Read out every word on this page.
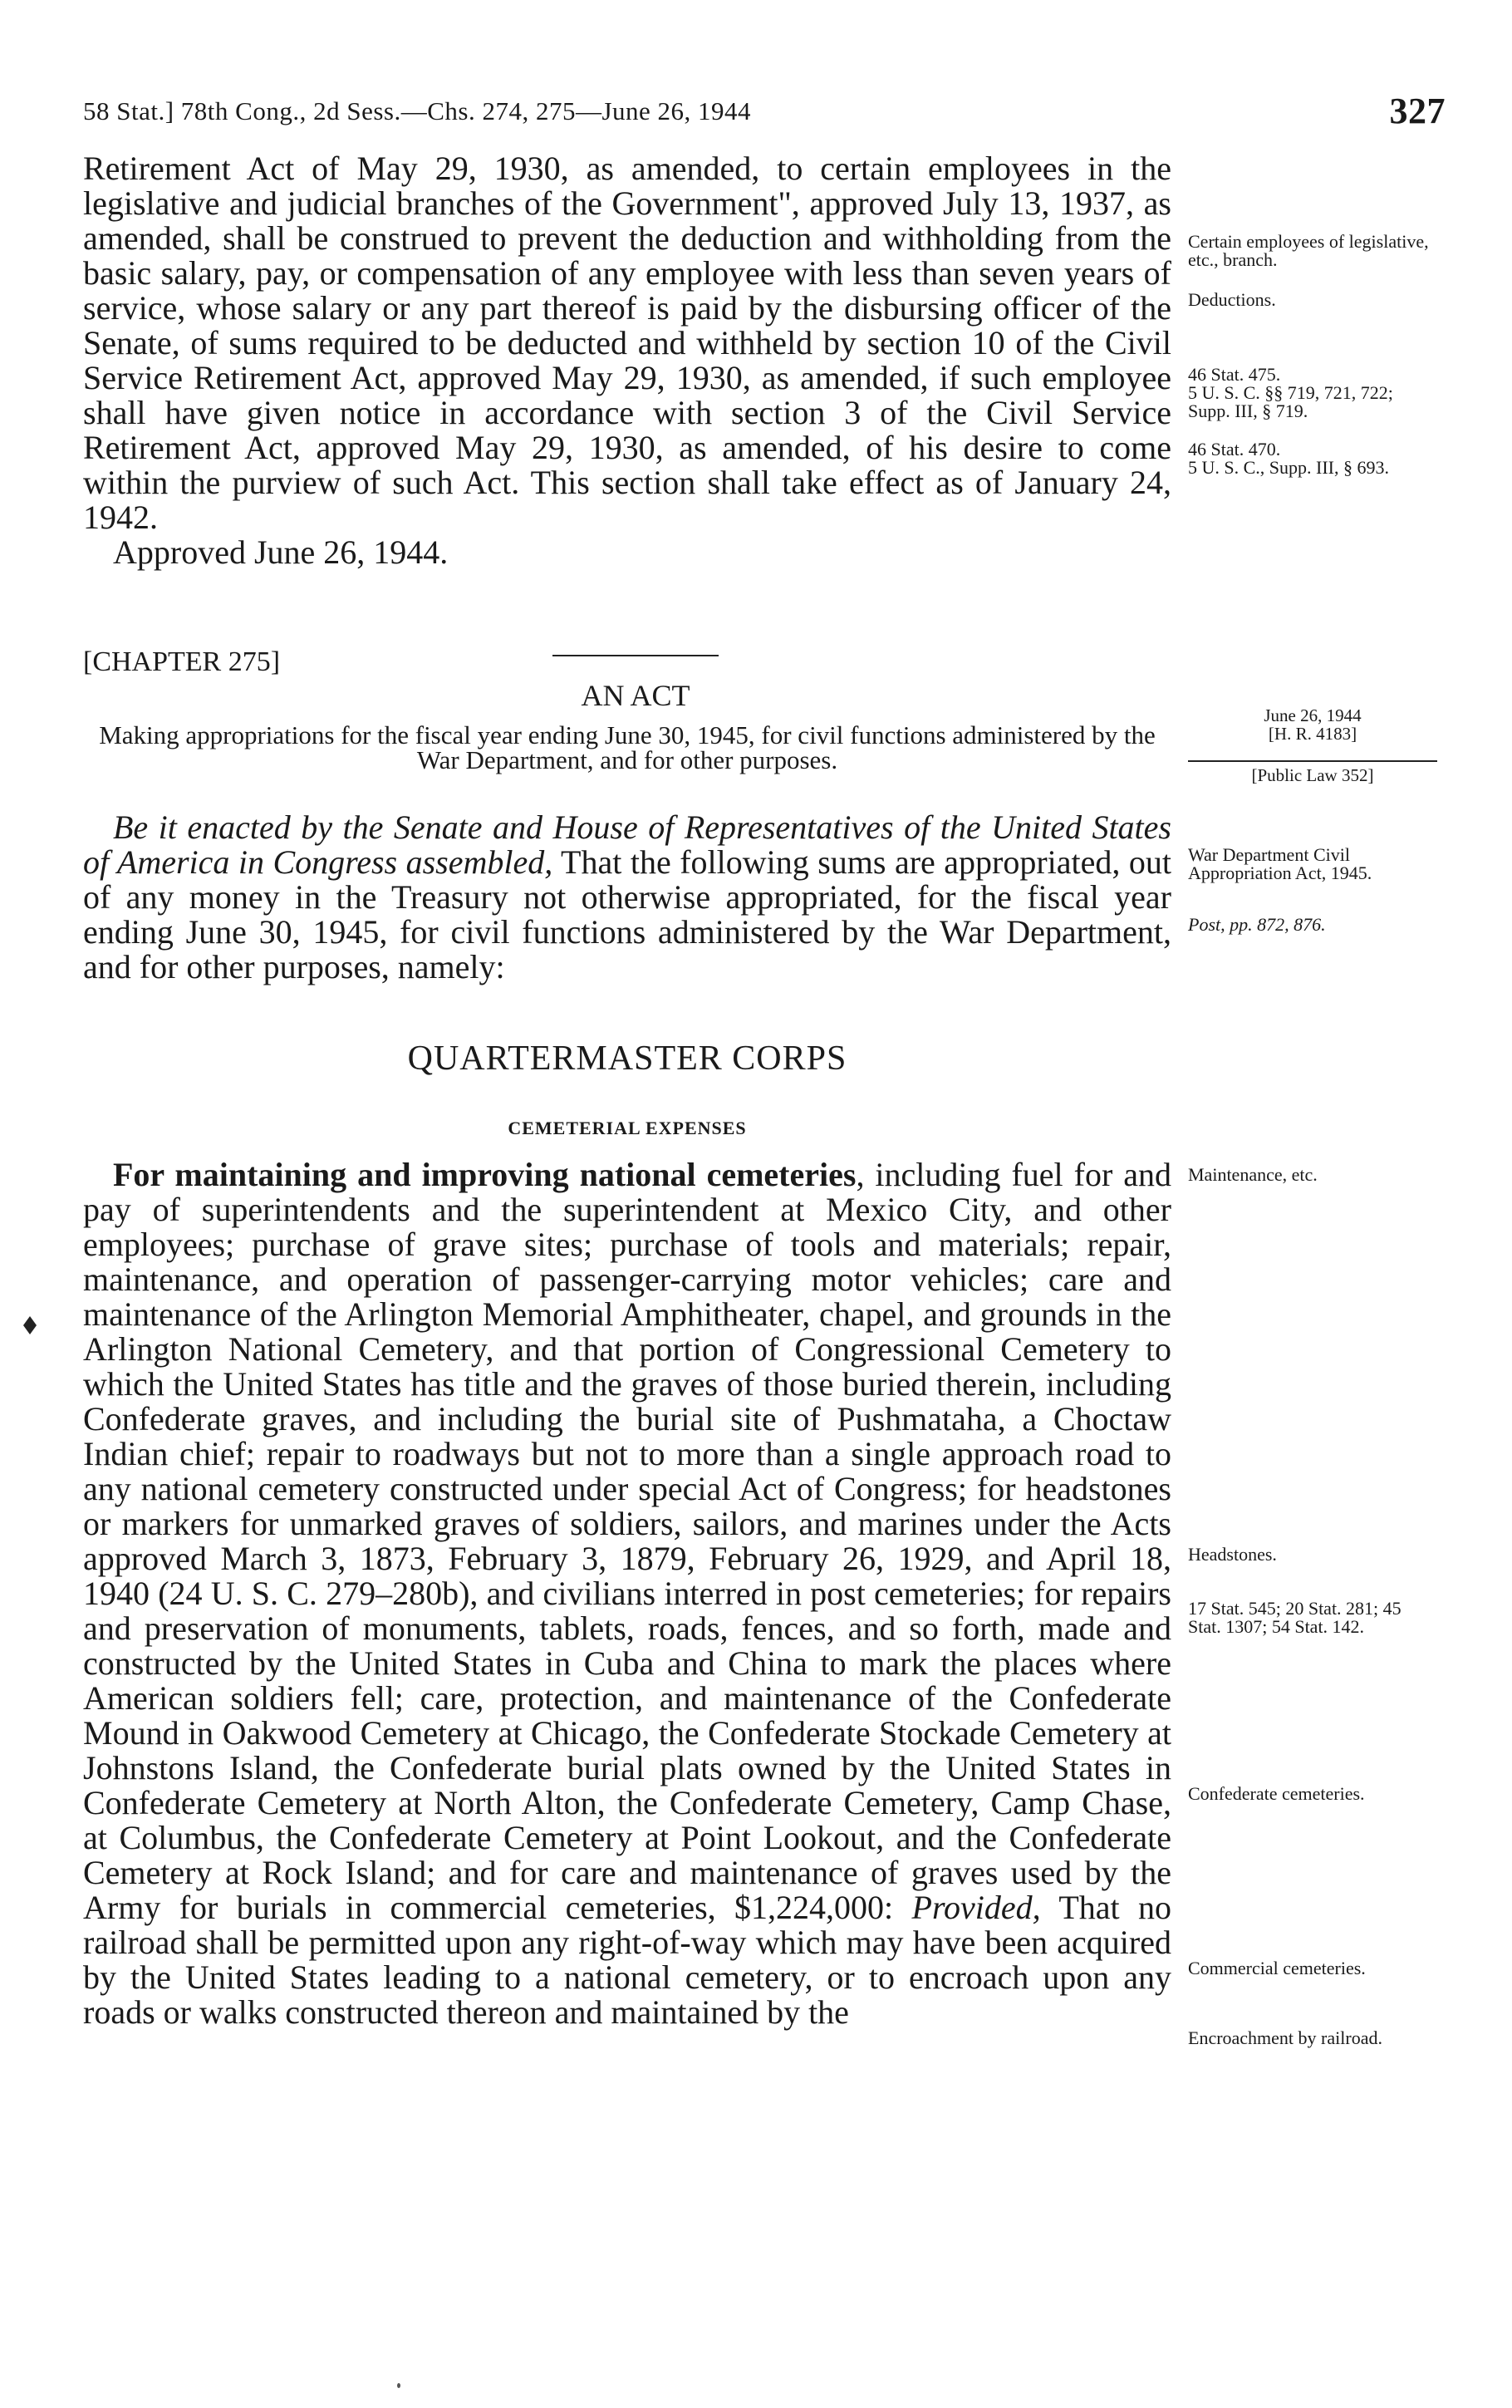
58 Stat.] 78th Cong., 2d Sess.—Chs. 274, 275—June 26, 1944	327

Retirement Act of May 29, 1930, as amended, to certain employees in the legislative and judicial branches of the Government", approved July 13, 1937, as amended, shall be construed to prevent the deduction and withholding from the basic salary, pay, or compensation of any employee with less than seven years of service, whose salary or any part thereof is paid by the disbursing officer of the Senate, of sums required to be deducted and withheld by section 10 of the Civil Service Retirement Act, approved May 29, 1930, as amended, if such employee shall have given notice in accordance with section 3 of the Civil Service Retirement Act, approved May 29, 1930, as amended, of his desire to come within the purview of such Act. This section shall take effect as of January 24, 1942.

Approved June 26, 1944.

Certain employees of legislative, etc., branch.
Deductions.
46 Stat. 475.
5 U. S. C. §§ 719, 721, 722; Supp. III, § 719.
46 Stat. 470.
5 U. S. C., Supp. III, § 693.
[CHAPTER 275]
AN ACT
Making appropriations for the fiscal year ending June 30, 1945, for civil functions administered by the War Department, and for other purposes.
June 26, 1944
[H. R. 4183]
[Public Law 352]

Be it enacted by the Senate and House of Representatives of the United States of America in Congress assembled, That the following sums are appropriated, out of any money in the Treasury not otherwise appropriated, for the fiscal year ending June 30, 1945, for civil functions administered by the War Department, and for other purposes, namely:

War Department Civil Appropriation Act, 1945.
Post, pp. 872, 876.
QUARTERMASTER CORPS
CEMETERIAL EXPENSES

For maintaining and improving national cemeteries, including fuel for and pay of superintendents and the superintendent at Mexico City, and other employees; purchase of grave sites; purchase of tools and materials; repair, maintenance, and operation of passenger-carrying motor vehicles; care and maintenance of the Arlington Memorial Amphitheater, chapel, and grounds in the Arlington National Cemetery, and that portion of Congressional Cemetery to which the United States has title and the graves of those buried therein, including Confederate graves, and including the burial site of Pushmataha, a Choctaw Indian chief; repair to roadways but not to more than a single approach road to any national cemetery constructed under special Act of Congress; for headstones or markers for unmarked graves of soldiers, sailors, and marines under the Acts approved March 3, 1873, February 3, 1879, February 26, 1929, and April 18, 1940 (24 U. S. C. 279–280b), and civilians interred in post cemeteries; for repairs and preservation of monuments, tablets, roads, fences, and so forth, made and constructed by the United States in Cuba and China to mark the places where American soldiers fell; care, protection, and maintenance of the Confederate Mound in Oakwood Cemetery at Chicago, the Confederate Stockade Cemetery at Johnstons Island, the Confederate burial plats owned by the United States in Confederate Cemetery at North Alton, the Confederate Cemetery, Camp Chase, at Columbus, the Confederate Cemetery at Point Lookout, and the Confederate Cemetery at Rock Island; and for care and maintenance of graves used by the Army for burials in commercial cemeteries, $1,224,000: Provided, That no railroad shall be permitted upon any right-of-way which may have been acquired by the United States leading to a national cemetery, or to encroach upon any roads or walks constructed thereon and maintained by the

Maintenance, etc.
Headstones.
17 Stat. 545; 20 Stat. 281; 45 Stat. 1307; 54 Stat. 142.
Confederate cemeteries.
Commercial cemeteries.
Encroachment by railroad.
